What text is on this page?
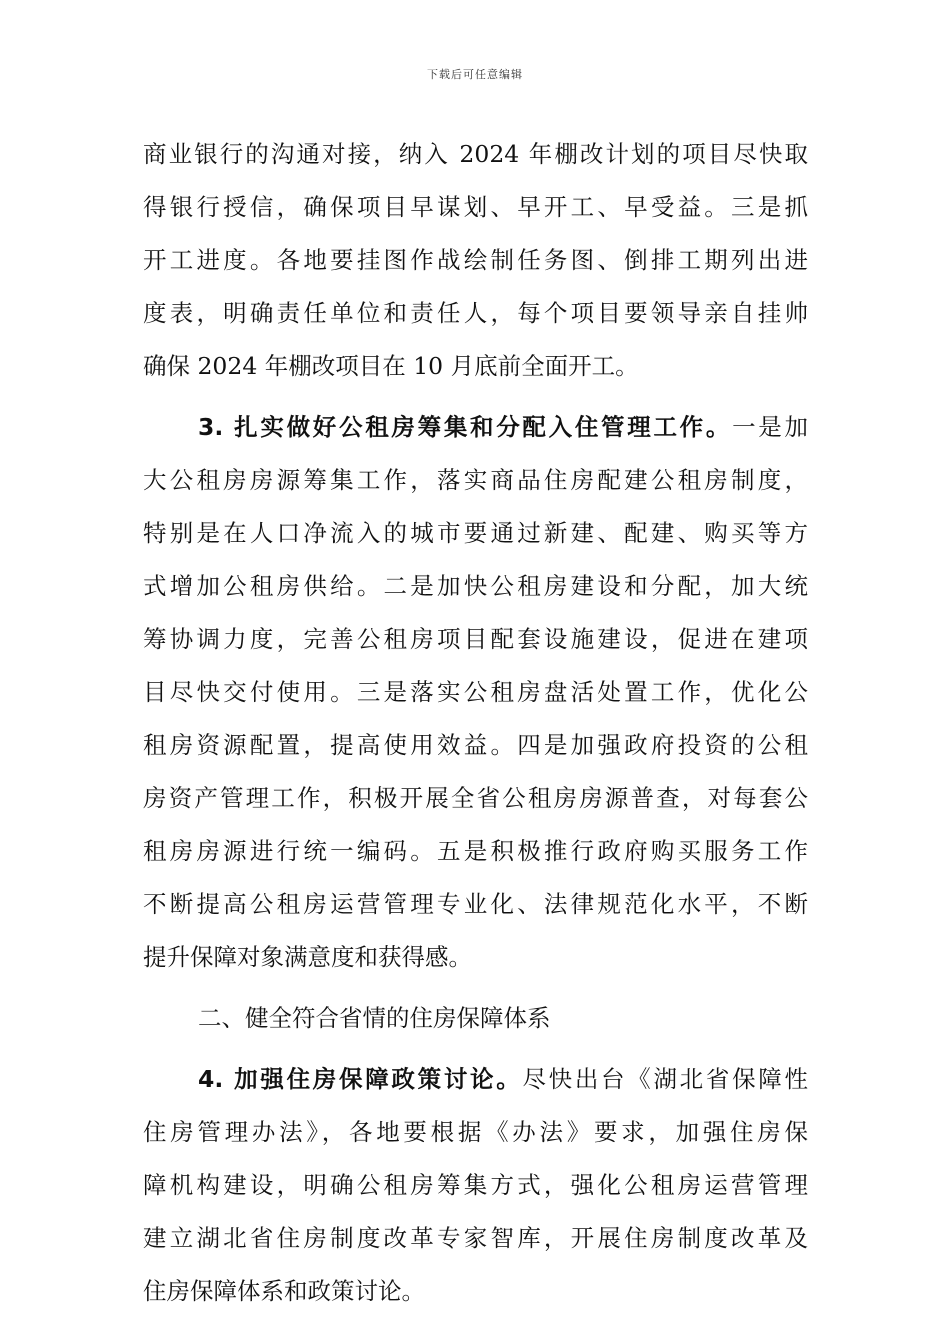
下载后可任意编辑
商业银行的沟通对接，纳入 2024 年棚改计划的项目尽快取
得银行授信，确保项目早谋划、早开工、早受益。三是抓
开工进度。各地要挂图作战绘制任务图、倒排工期列出进
度表，明确责任单位和责任人，每个项目要领导亲自挂帅
确保 2024 年棚改项目在 10 月底前全面开工。
3. 扎实做好公租房筹集和分配入住管理工作。一是加
大公租房房源筹集工作，落实商品住房配建公租房制度，
特别是在人口净流入的城市要通过新建、配建、购买等方
式增加公租房供给。二是加快公租房建设和分配，加大统
筹协调力度，完善公租房项目配套设施建设，促进在建项
目尽快交付使用。三是落实公租房盘活处置工作，优化公
租房资源配置，提高使用效益。四是加强政府投资的公租
房资产管理工作，积极开展全省公租房房源普查，对每套公
租房房源进行统一编码。五是积极推行政府购买服务工作
不断提高公租房运营管理专业化、法律规范化水平，不断
提升保障对象满意度和获得感。
二、健全符合省情的住房保障体系
4. 加强住房保障政策讨论。尽快出台《湖北省保障性
住房管理办法》，各地要根据《办法》要求，加强住房保
障机构建设，明确公租房筹集方式，强化公租房运营管理
建立湖北省住房制度改革专家智库，开展住房制度改革及
住房保障体系和政策讨论。
